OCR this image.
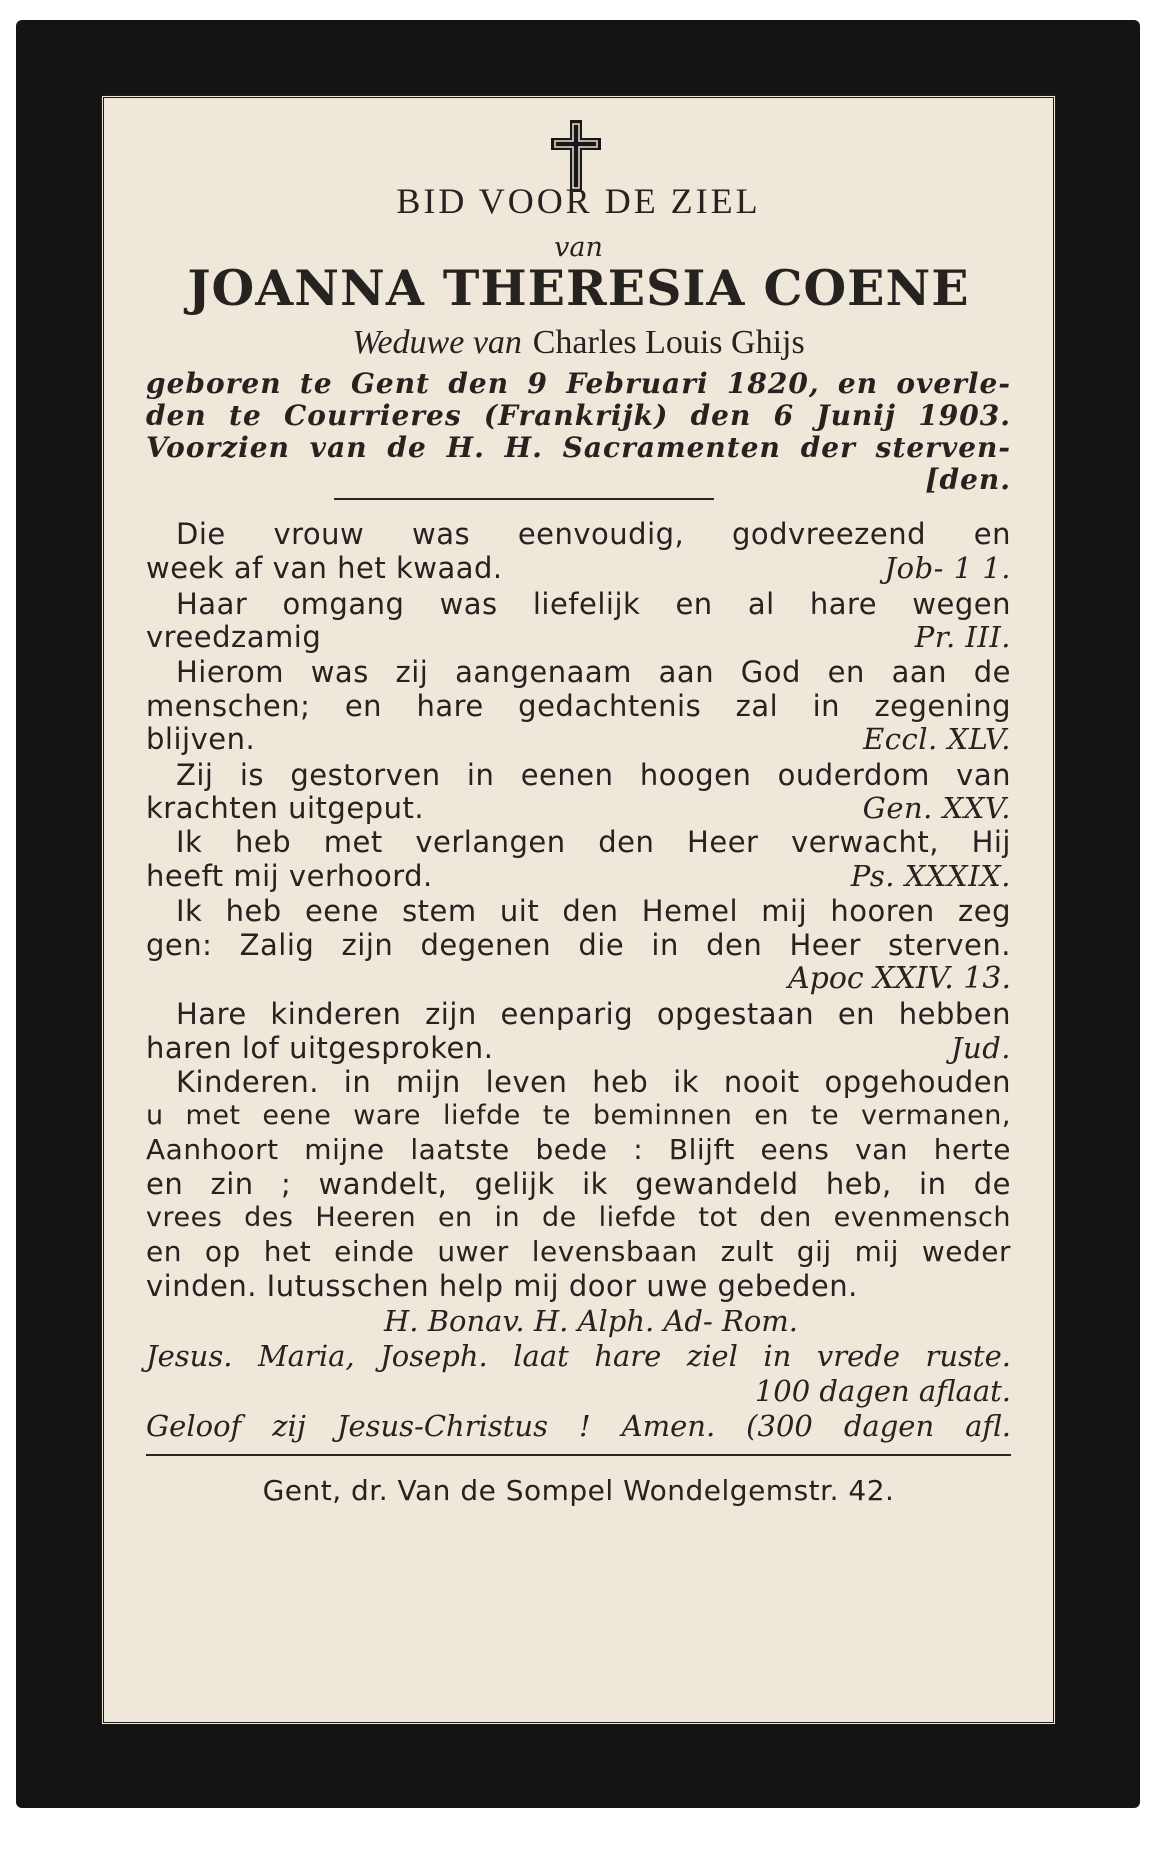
BID VOOR DE ZIEL
van
JOANNA THERESIA COENE
Weduwe van Charles Louis Ghijs
geboren te Gent den 9 Februari 1820, en overle-
den te Courrieres (Frankrijk) den 6 Junij 1903.
Voorzien van de H. H. Sacramenten der sterven-
[den.
Die vrouw was eenvoudig, godvreezend en
week af van het kwaad.	Job- 1 1.
Haar omgang was liefelijk en al hare wegen
vreedzamig	Pr. III.
Hierom was zij aangenaam aan God en aan de
menschen; en hare gedachtenis zal in zegening
blijven.	Eccl. XLV.
Zij is gestorven in eenen hoogen ouderdom van
krachten uitgeput.	Gen. XXV.
Ik heb met verlangen den Heer verwacht, Hij
heeft mij verhoord.	Ps. XXXIX.
Ik heb eene stem uit den Hemel mij hooren zeg
gen: Zalig zijn degenen die in den Heer sterven.
Apoc XXIV. 13.
Hare kinderen zijn eenparig opgestaan en hebben
haren lof uitgesproken.	Jud.
Kinderen. in mijn leven heb ik nooit opgehouden
u met eene ware liefde te beminnen en te vermanen,
Aanhoort mijne laatste bede : Blijft eens van herte
en zin ; wandelt, gelijk ik gewandeld heb, in de
vrees des Heeren en in de liefde tot den evenmensch
en op het einde uwer levensbaan zult gij mij weder
vinden. Iutusschen help mij door uwe gebeden.
H. Bonav. H. Alph. Ad- Rom.
Jesus. Maria, Joseph. laat hare ziel in vrede ruste.
100 dagen aflaat.
Geloof zij Jesus-Christus ! Amen. (300 dagen afl.
Gent, dr. Van de Sompel Wondelgemstr. 42.
